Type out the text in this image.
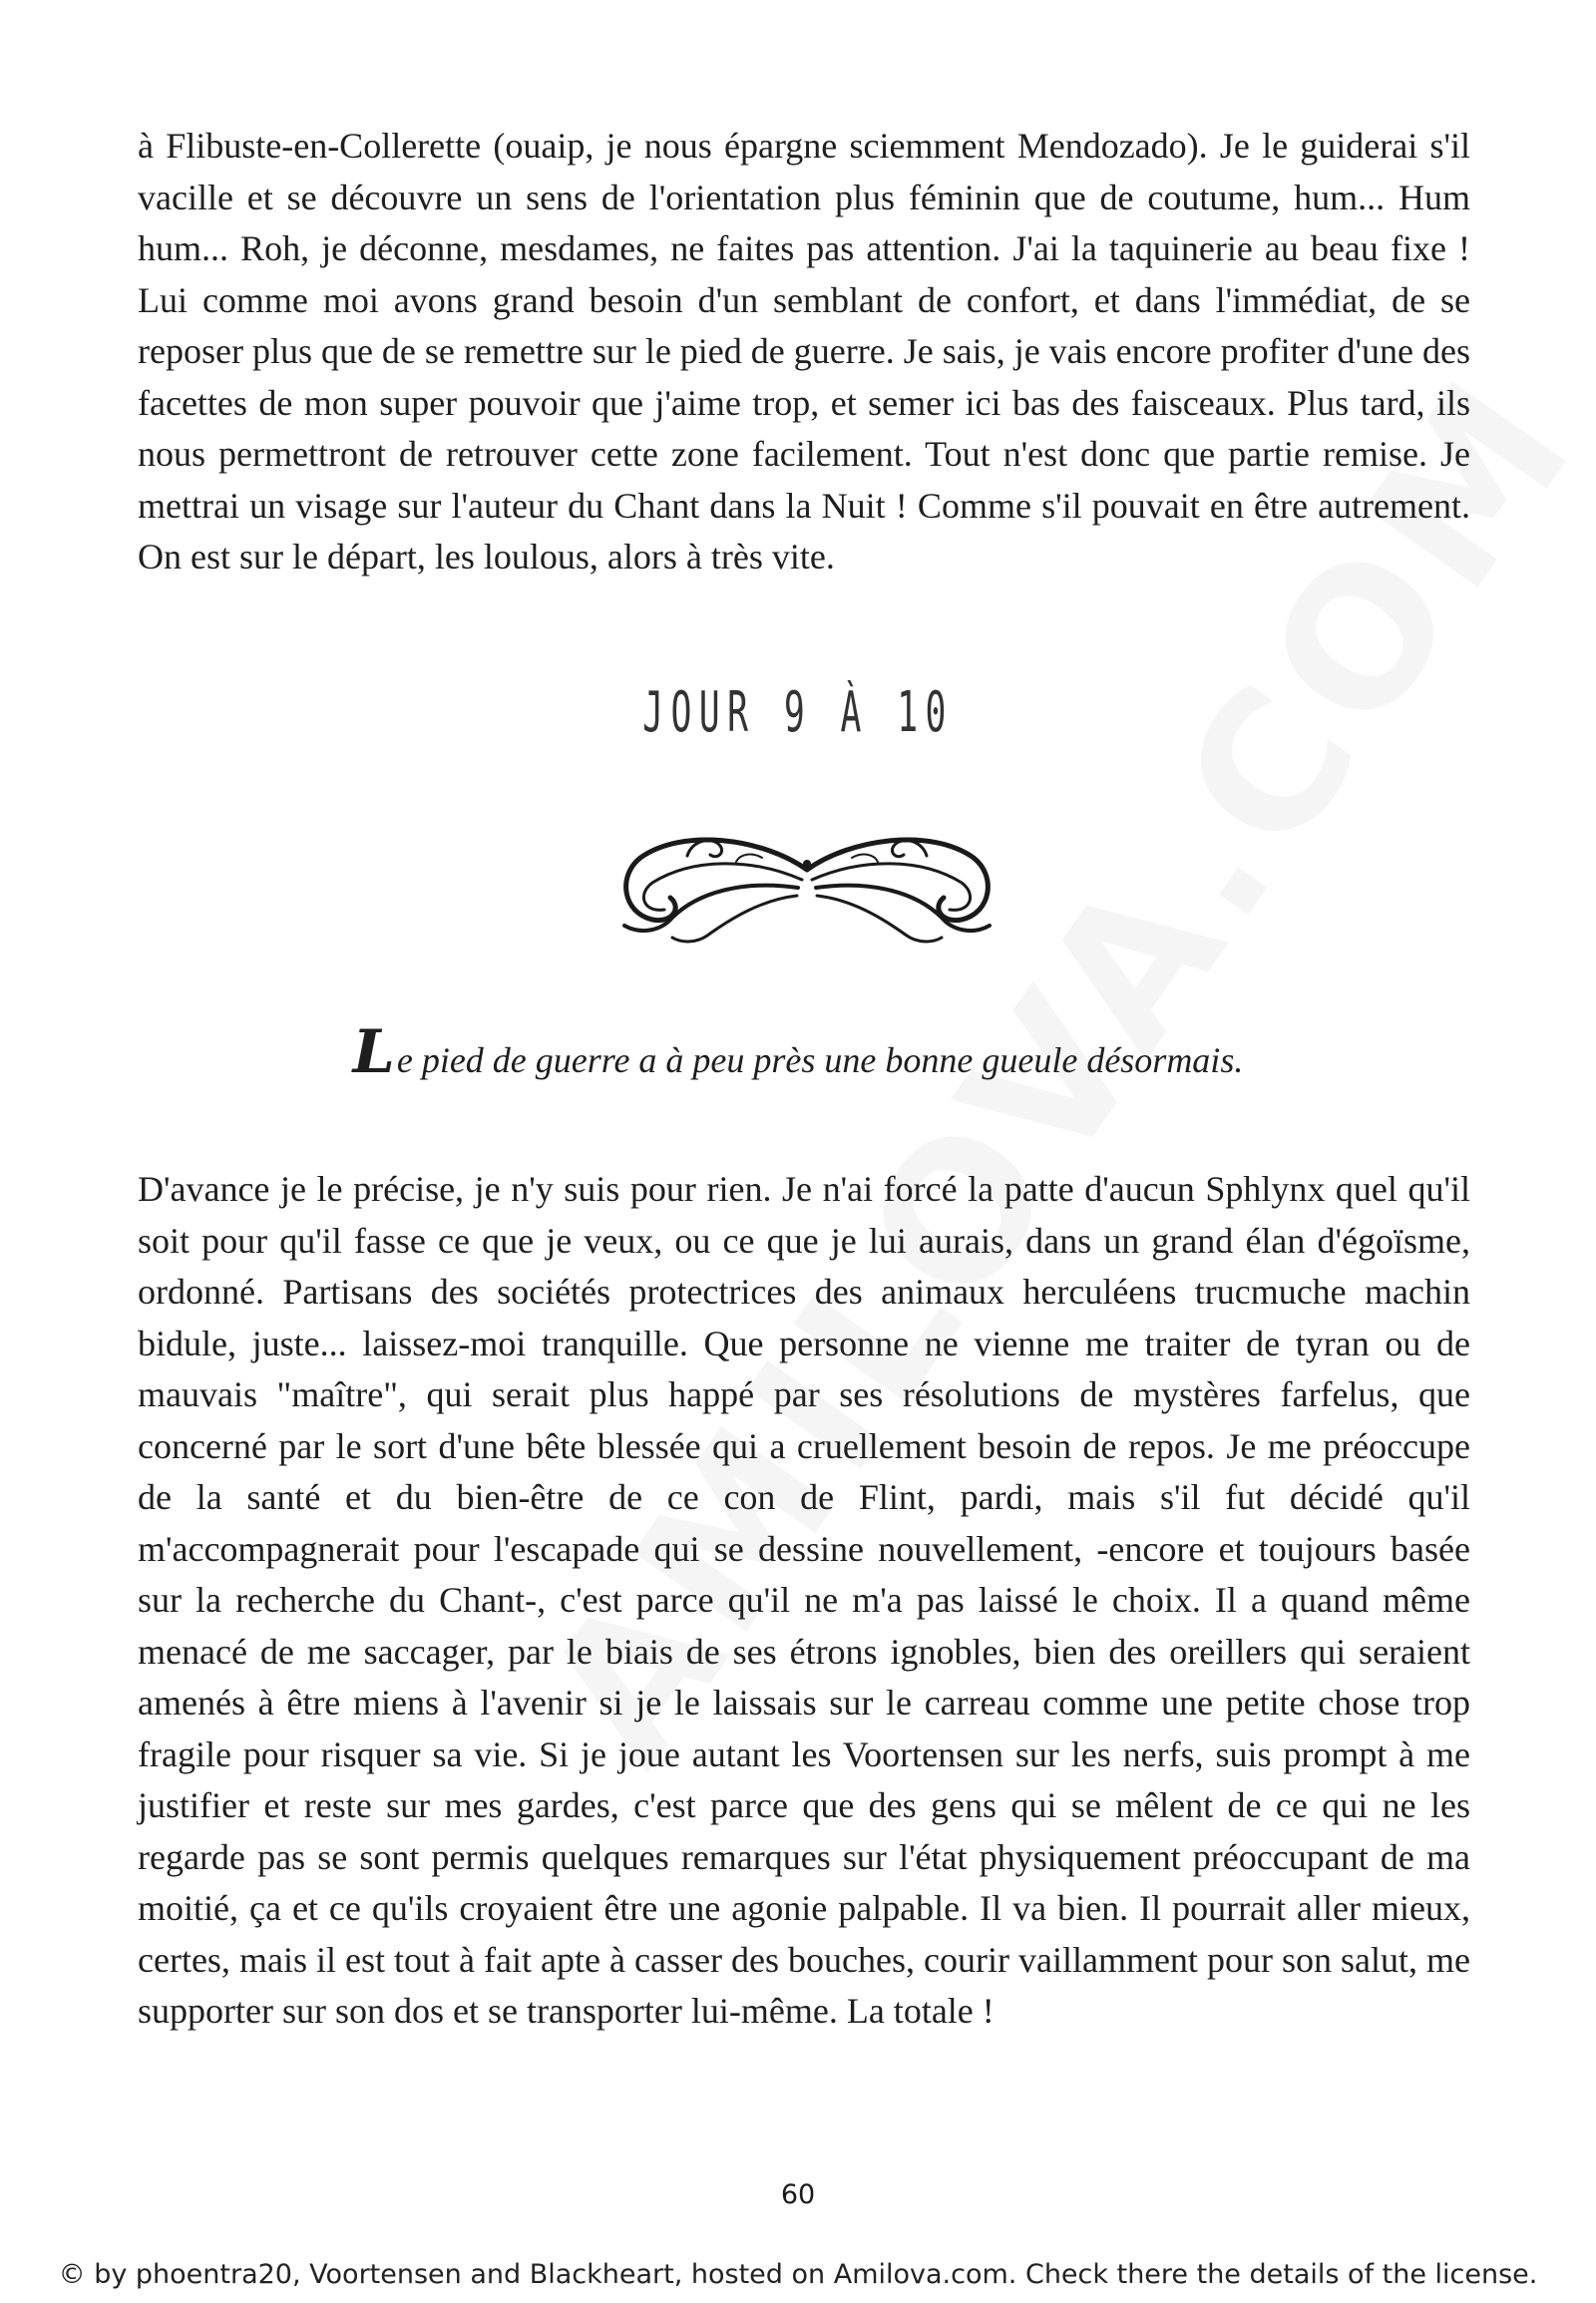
à Flibuste-en-Collerette (ouaip, je nous épargne sciemment Mendozado). Je le guiderai s'il vacille et se découvre un sens de l'orientation plus féminin que de coutume, hum... Hum hum... Roh, je déconne, mesdames, ne faites pas attention. J'ai la taquinerie au beau fixe ! Lui comme moi avons grand besoin d'un semblant de confort, et dans l'immédiat, de se reposer plus que de se remettre sur le pied de guerre. Je sais, je vais encore profiter d'une des facettes de mon super pouvoir que j'aime trop, et semer ici bas des faisceaux. Plus tard, ils nous permettront de retrouver cette zone facilement. Tout n'est donc que partie remise. Je mettrai un visage sur l'auteur du Chant dans la Nuit ! Comme s'il pouvait en être autrement. On est sur le départ, les loulous, alors à très vite.

JOUR 9 À 10

Le pied de guerre a à peu près une bonne gueule désormais.

D'avance je le précise, je n'y suis pour rien. Je n'ai forcé la patte d'aucun Sphlynx quel qu'il soit pour qu'il fasse ce que je veux, ou ce que je lui aurais, dans un grand élan d'égoïsme, ordonné. Partisans des sociétés protectrices des animaux herculéens trucmuche machin bidule, juste... laissez-moi tranquille. Que personne ne vienne me traiter de tyran ou de mauvais "maître", qui serait plus happé par ses résolutions de mystères farfelus, que concerné par le sort d'une bête blessée qui a cruellement besoin de repos. Je me préoccupe de la santé et du bien-être de ce con de Flint, pardi, mais s'il fut décidé qu'il m'accompagnerait pour l'escapade qui se dessine nouvellement, -encore et toujours basée sur la recherche du Chant-, c'est parce qu'il ne m'a pas laissé le choix. Il a quand même menacé de me saccager, par le biais de ses étrons ignobles, bien des oreillers qui seraient amenés à être miens à l'avenir si je le laissais sur le carreau comme une petite chose trop fragile pour risquer sa vie. Si je joue autant les Voortensen sur les nerfs, suis prompt à me justifier et reste sur mes gardes, c'est parce que des gens qui se mêlent de ce qui ne les regarde pas se sont permis quelques remarques sur l'état physiquement préoccupant de ma moitié, ça et ce qu'ils croyaient être une agonie palpable. Il va bien. Il pourrait aller mieux, certes, mais il est tout à fait apte à casser des bouches, courir vaillamment pour son salut, me supporter sur son dos et se transporter lui-même. La totale !

60
© by phoentra20, Voortensen and Blackheart, hosted on Amilova.com. Check there the details of the license.
